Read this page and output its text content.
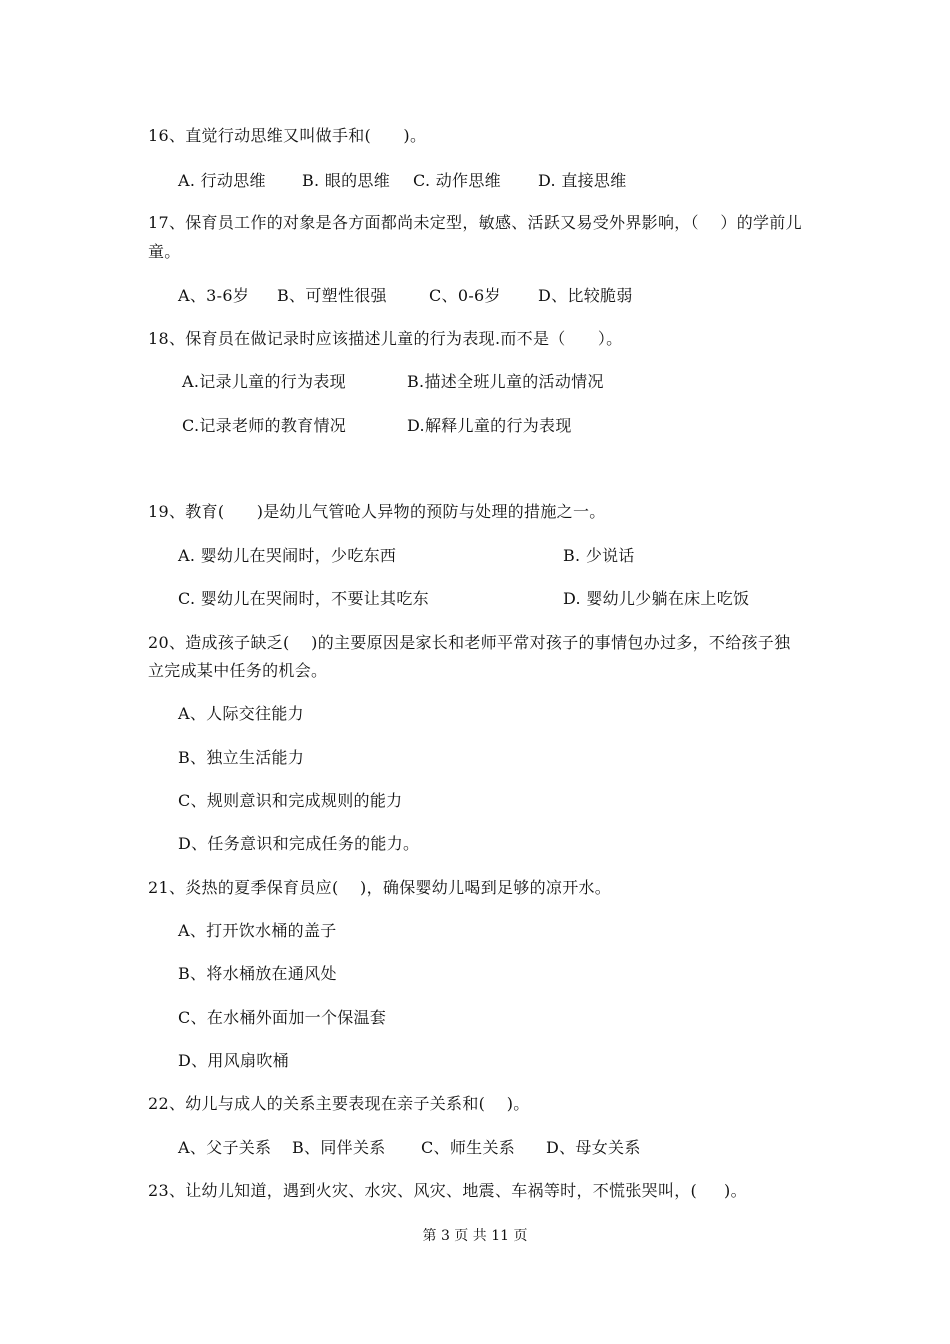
16、直觉行动思维又叫做手和(      )。
A. 行动思维 B. 眼的思维 C. 动作思维 D. 直接思维
17、保育员工作的对象是各方面都尚未定型，敏感、活跃又易受外界影响，（    ）的学前儿
童。
A、3-6岁 B、可塑性很强	C、0-6岁 D、比较脆弱
18、保育员在做记录时应该描述儿童的行为表现.而不是（      ）。
A.记录儿童的行为表现	B.描述全班儿童的活动情况
C.记录老师的教育情况	D.解释儿童的行为表现
19、教育(      )是幼儿气管呛人异物的预防与处理的措施之一。
A. 婴幼儿在哭闹时，少吃东西	B. 少说话
C. 婴幼儿在哭闹时，不要让其吃东	D. 婴幼儿少躺在床上吃饭
20、造成孩子缺乏(    )的主要原因是家长和老师平常对孩子的事情包办过多，不给孩子独
立完成某中任务的机会。
A、人际交往能力
B、独立生活能力
C、规则意识和完成规则的能力
D、任务意识和完成任务的能力。
21、炎热的夏季保育员应(    )，确保婴幼儿喝到足够的凉开水。
A、打开饮水桶的盖子
B、将水桶放在通风处
C、在水桶外面加一个保温套
D、用风扇吹桶
22、幼儿与成人的关系主要表现在亲子关系和(    )。
A、父子关系 B、同伴关系 C、师生关系 D、母女关系
23、让幼儿知道，遇到火灾、水灾、风灾、地震、车祸等时，不慌张哭叫，(     )。
第 3 页 共 11 页
